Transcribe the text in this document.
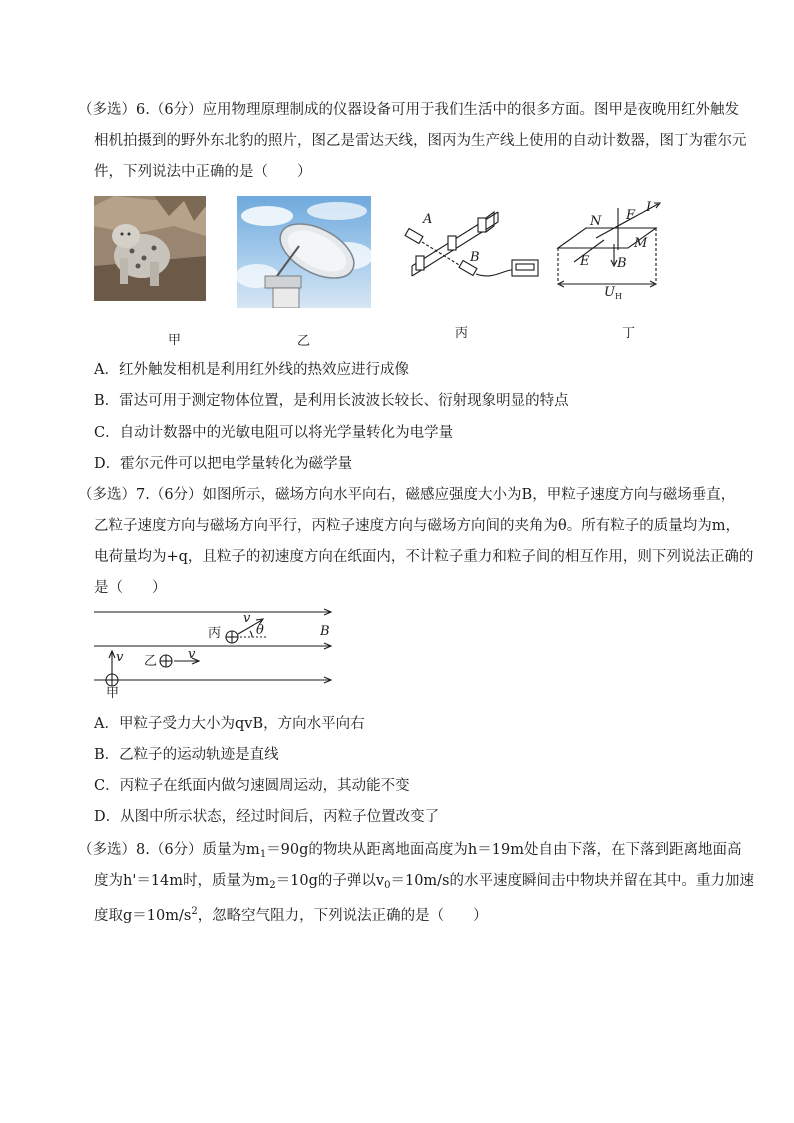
（多选）6.（6分）应用物理原理制成的仪器设备可用于我们生活中的很多方面。图甲是夜晚用红外触发
相机拍摄到的野外东北豹的照片，图乙是雷达天线，图丙为生产线上使用的自动计数器，图丁为霍尔元
件，下列说法中正确的是（　　）
甲	乙
A
B
丙
N F
I
E B
M
$U_H$
丁
A．红外触发相机是利用红外线的热效应进行成像
B．雷达可用于测定物体位置，是利用长波波长较长、衍射现象明显的特点
C．自动计数器中的光敏电阻可以将光学量转化为电学量
D．霍尔元件可以把电学量转化为磁学量
（多选）7.（6分）如图所示，磁场方向水平向右，磁感应强度大小为B，甲粒子速度方向与磁场垂直，
乙粒子速度方向与磁场方向平行，丙粒子速度方向与磁场方向间的夹角为θ。所有粒子的质量均为m，
电荷量均为+q，且粒子的初速度方向在纸面内，不计粒子重力和粒子间的相互作用，则下列说法正确的
是（　　）
丙
v
θ	B
乙 v
v
甲
A．甲粒子受力大小为qvB，方向水平向右
B．乙粒子的运动轨迹是直线
C．丙粒子在纸面内做匀速圆周运动，其动能不变
D．从图中所示状态，经过时间后，丙粒子位置改变了
（多选）8.（6分）质量为$m_1=90g$的物块从距离地面高度为h＝19m处自由下落，在下落到距离地面高
度为h'＝14m时，质量为$m_2=10g$的子弹以$v_0=10m/s$的水平速度瞬间击中物块并留在其中。重力加速
度取$g=10m/s^2$，忽略空气阻力，下列说法正确的是（　　）
